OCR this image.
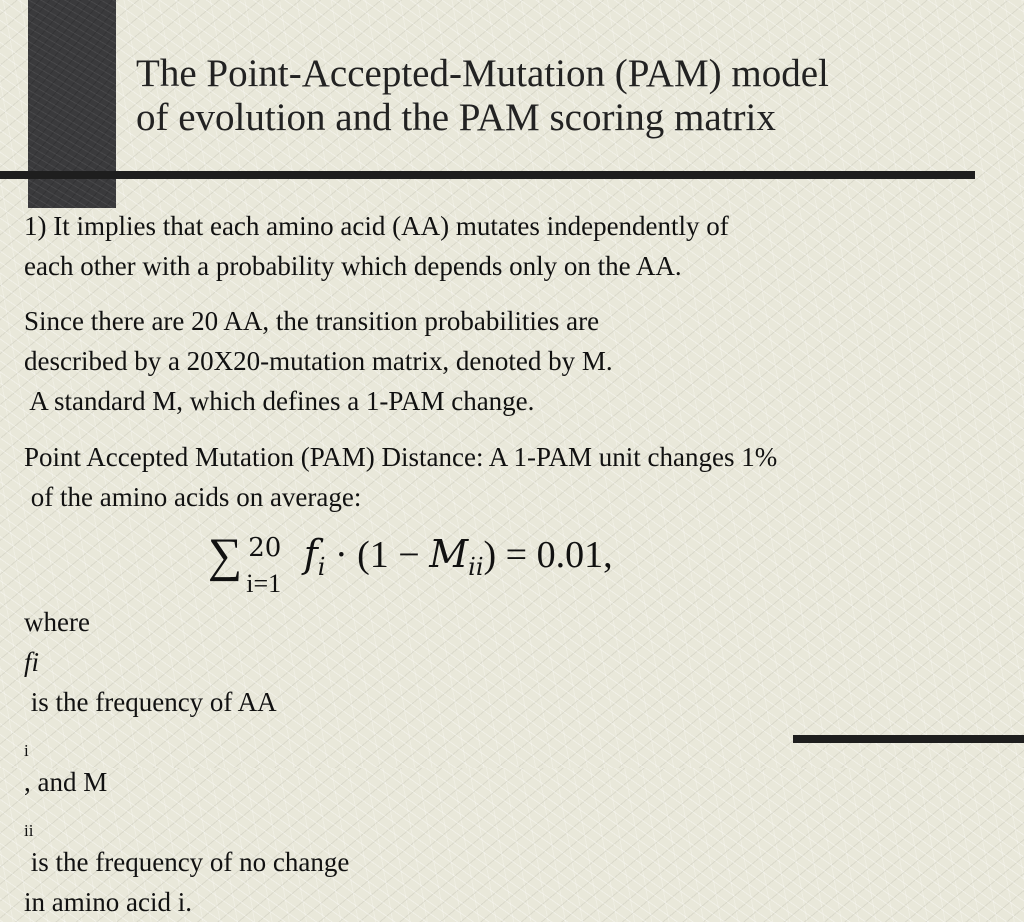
The Point-Accepted-Mutation (PAM) model
of evolution and the PAM scoring matrix

1) It implies that each amino acid (AA) mutates independently of
each other with a probability which depends only on the AA.

Since there are 20 AA, the transition probabilities are
described by a 20X20-mutation matrix, denoted by M.
A standard M, which defines a 1-PAM change.

Point Accepted Mutation (PAM) Distance: A 1-PAM unit changes 1%
of the amino acids on average:

∑ 20
i=1
$f_i \cdot (1 - M_{ii}) = 0.01$,

where
fi
is the frequency of AA
$_i$
, and M
$_{ii}$
is the frequency of no change
in amino acid i.
